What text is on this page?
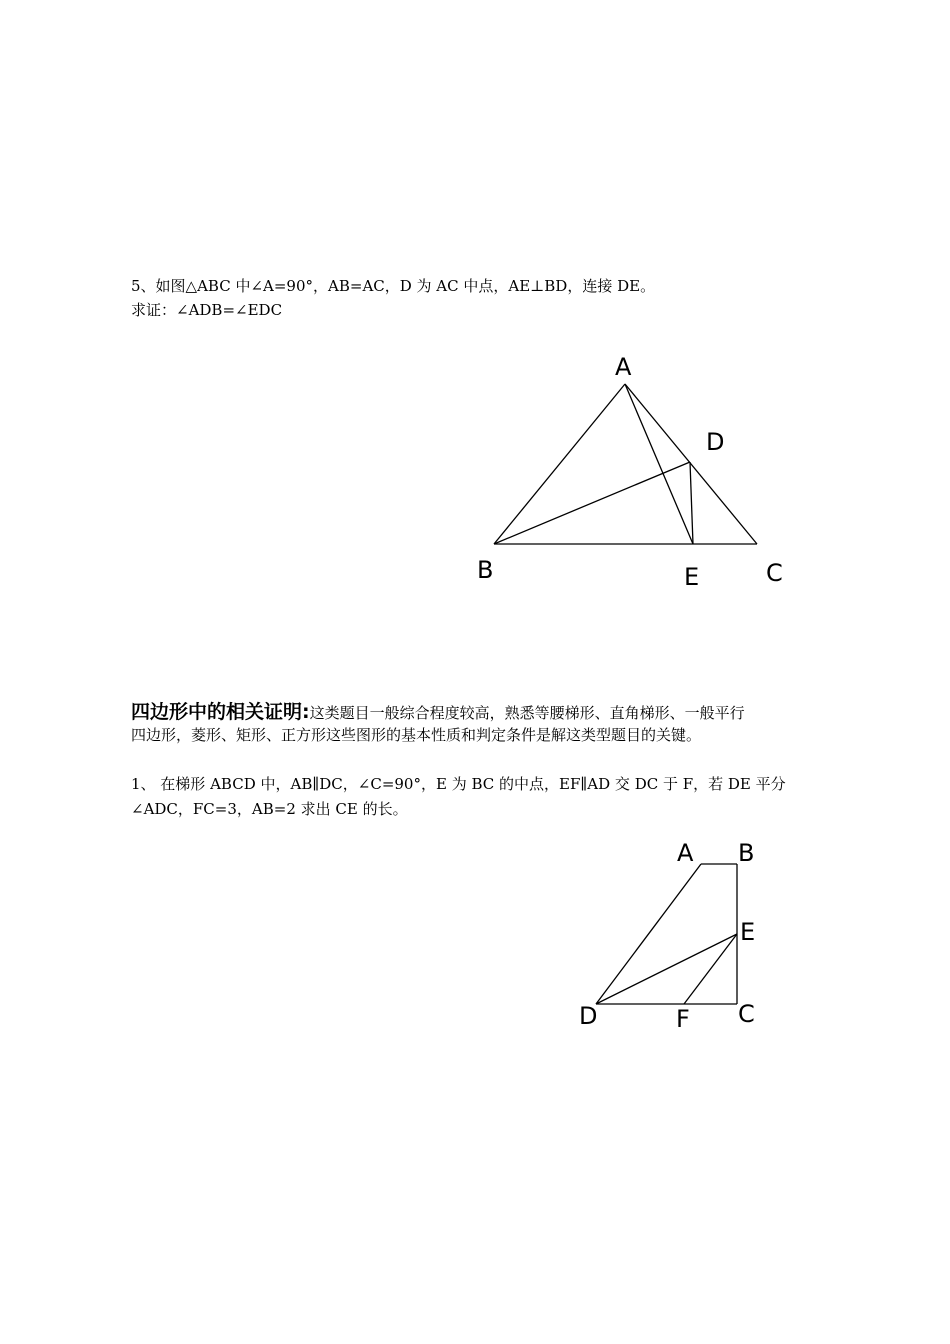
5、如图△ABC 中∠A=90°，AB=AC，D 为 AC 中点，AE⊥BD，连接 DE。
求证：∠ADB=∠EDC
A
D
B	E	C
A B
E
D	F C
四边形中的相关证明:这类题目一般综合程度较高，熟悉等腰梯形、直角梯形、一般平行
四边形，菱形、矩形、正方形这些图形的基本性质和判定条件是解这类型题目的关键。
1、 在梯形 ABCD 中，AB∥DC，∠C=90°，E 为 BC 的中点，EF∥AD 交 DC 于 F，若 DE 平分
∠ADC，FC=3，AB=2 求出 CE 的长。
